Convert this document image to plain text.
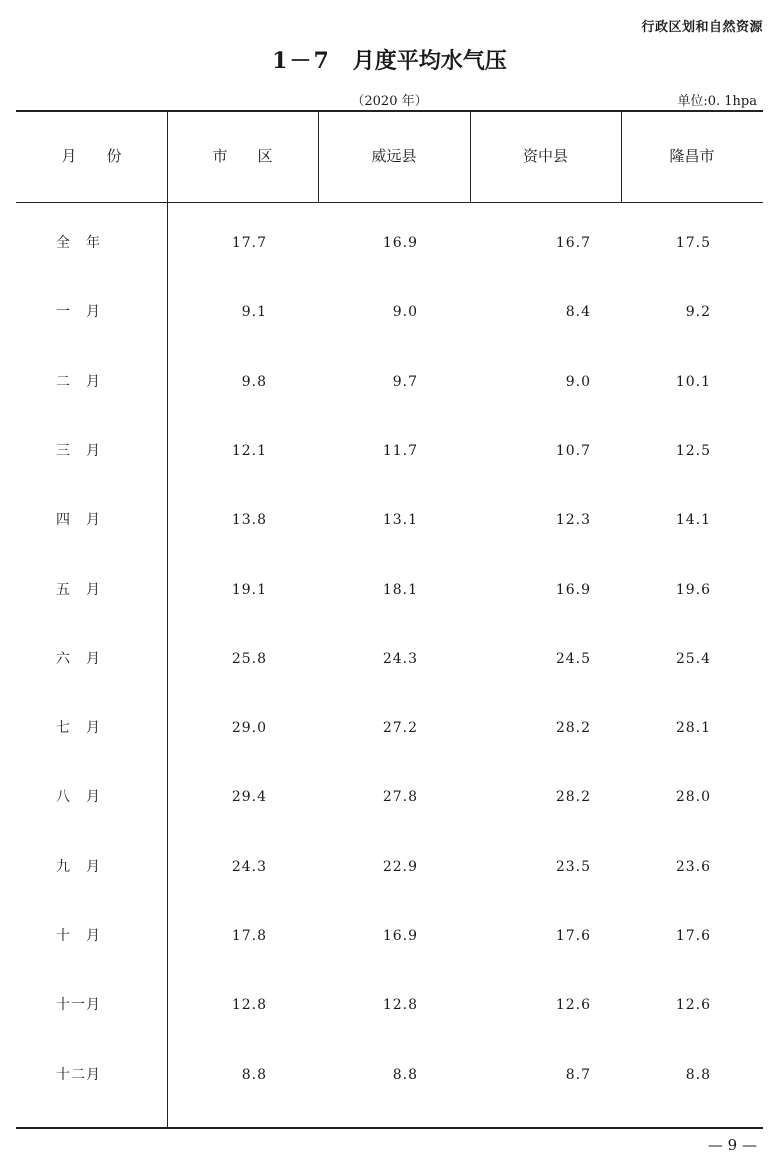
行政区划和自然资源
1－7 月度平均水气压
（2020 年）	单位:0. 1hpa
月　　份	市　　区	威远县	资中县	隆昌市
全　年	17.7	16.9	16.7	17.5
一　月	9.1	9.0	8.4	9.2
二　月	9.8	9.7	9.0	10.1
三　月	12.1	11.7	10.7	12.5
四　月	13.8	13.1	12.3	14.1
五　月	19.1	18.1	16.9	19.6
六　月	25.8	24.3	24.5	25.4
七　月	29.0	27.2	28.2	28.1
八　月	29.4	27.8	28.2	28.0
九　月	24.3	22.9	23.5	23.6
十　月	17.8	16.9	17.6	17.6
十一月	12.8	12.8	12.6	12.6
十二月	8.8	8.8	8.7	8.8
— 9 —
